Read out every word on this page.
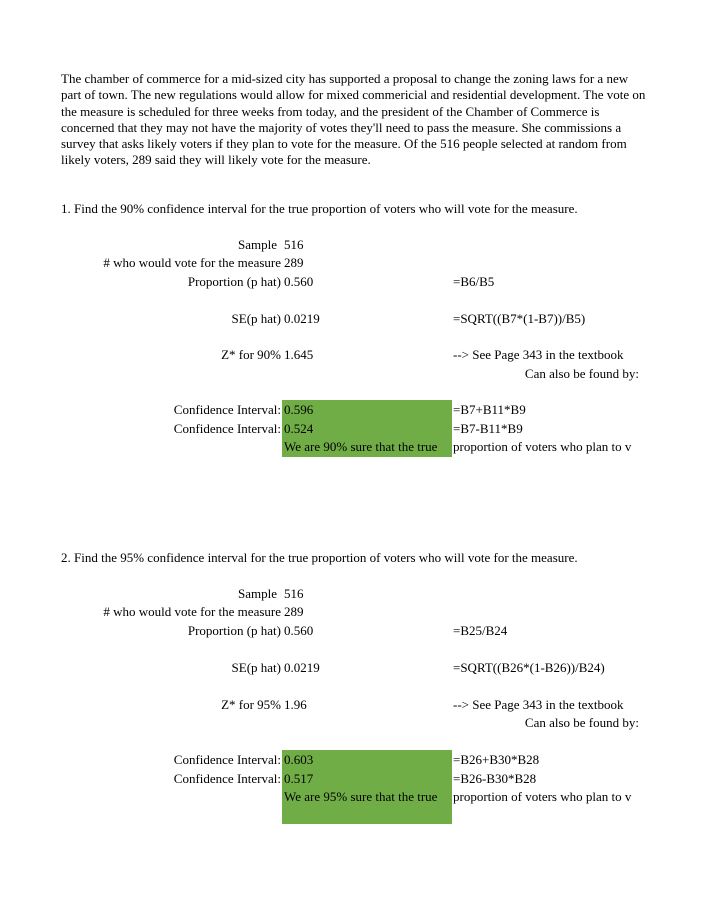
The chamber of commerce for a mid-sized city has supported a proposal to change the zoning laws for a new part of town. The new regulations would allow for mixed commericial and residential development. The vote on the measure is scheduled for three weeks from today, and the president of the Chamber of Commerce is concerned that they may not have the majority of votes they'll need to pass the measure. She commissions a survey that asks likely voters if they plan to vote for the measure. Of the 516 people selected at random from likely voters, 289 said they will likely vote for the measure.

1. Find the 90% confidence interval for the true proportion of voters who will vote for the measure.
Sample 516
# who would vote for the measure 289
Proportion (p hat) 0.560	=B6/B5
SE(p hat) 0.0219	=SQRT((B7*(1-B7))/B5)
Z* for 90% 1.645	--> See Page 343 in the textbook
Can also be found by:
Confidence Interval: 0.596	=B7+B11*B9
Confidence Interval: 0.524	=B7-B11*B9
We are 90% sure that the true proportion of voters who plan to v
2. Find the 95% confidence interval for the true proportion of voters who will vote for the measure.
Sample 516
# who would vote for the measure 289
Proportion (p hat) 0.560	=B25/B24
SE(p hat) 0.0219	=SQRT((B26*(1-B26))/B24)
Z* for 95% 1.96	--> See Page 343 in the textbook
Can also be found by:
Confidence Interval: 0.603	=B26+B30*B28
Confidence Interval: 0.517	=B26-B30*B28
We are 95% sure that the true proportion of voters who plan to v
